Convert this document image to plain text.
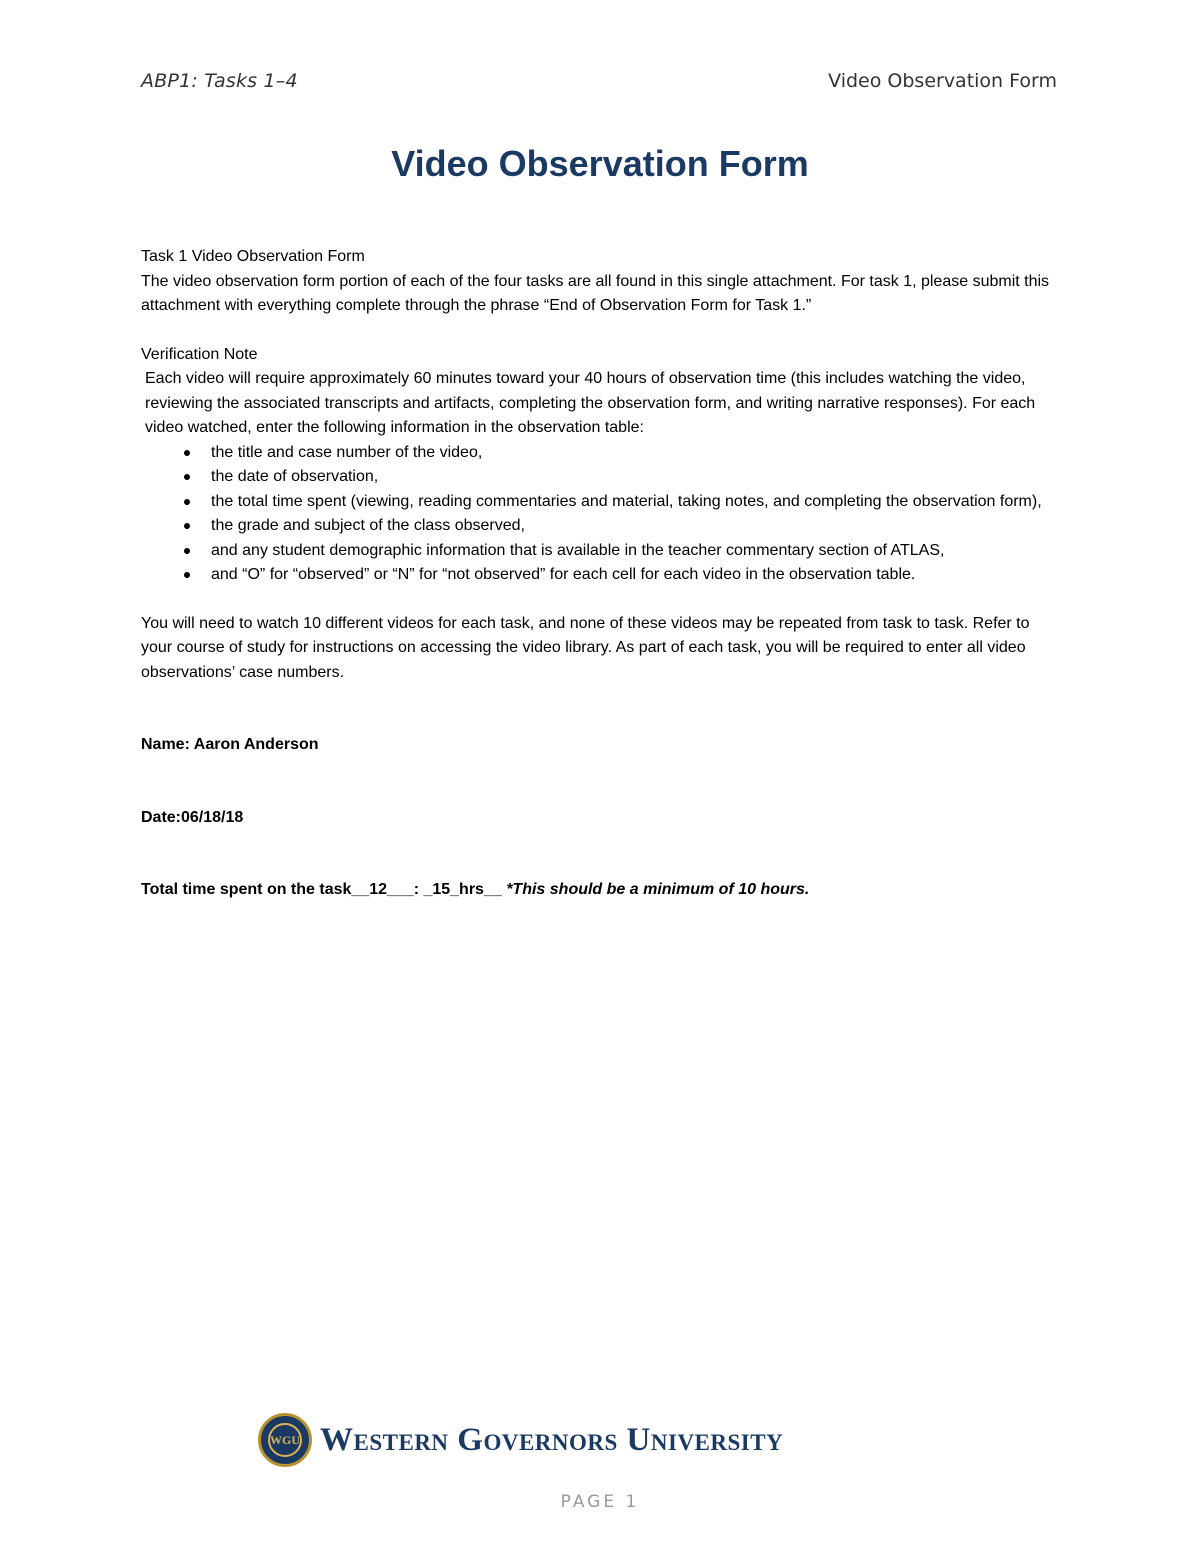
ABP1: Tasks 1–4	Video Observation Form
Video Observation Form

Task 1 Video Observation Form

The video observation form portion of each of the four tasks are all found in this single attachment. For task 1, please submit this attachment with everything complete through the phrase “End of Observation Form for Task 1.”

Verification Note

Each video will require approximately 60 minutes toward your 40 hours of observation time (this includes watching the video, reviewing the associated transcripts and artifacts, completing the observation form, and writing narrative responses). For each video watched, enter the following information in the observation table:

the title and case number of the video,
the date of observation,
the total time spent (viewing, reading commentaries and material, taking notes, and completing the observation form),
the grade and subject of the class observed,
and any student demographic information that is available in the teacher commentary section of ATLAS,
and “O” for “observed” or “N” for “not observed” for each cell for each video in the observation table.

You will need to watch 10 different videos for each task, and none of these videos may be repeated from task to task. Refer to your course of study for instructions on accessing the video library. As part of each task, you will be required to enter all video observations’ case numbers.

Name: Aaron Anderson

Date:06/18/18

Total time spent on the task__12___: _15_hrs__ *This should be a minimum of 10 hours.

WGU Western Governors University
PAGE 1
